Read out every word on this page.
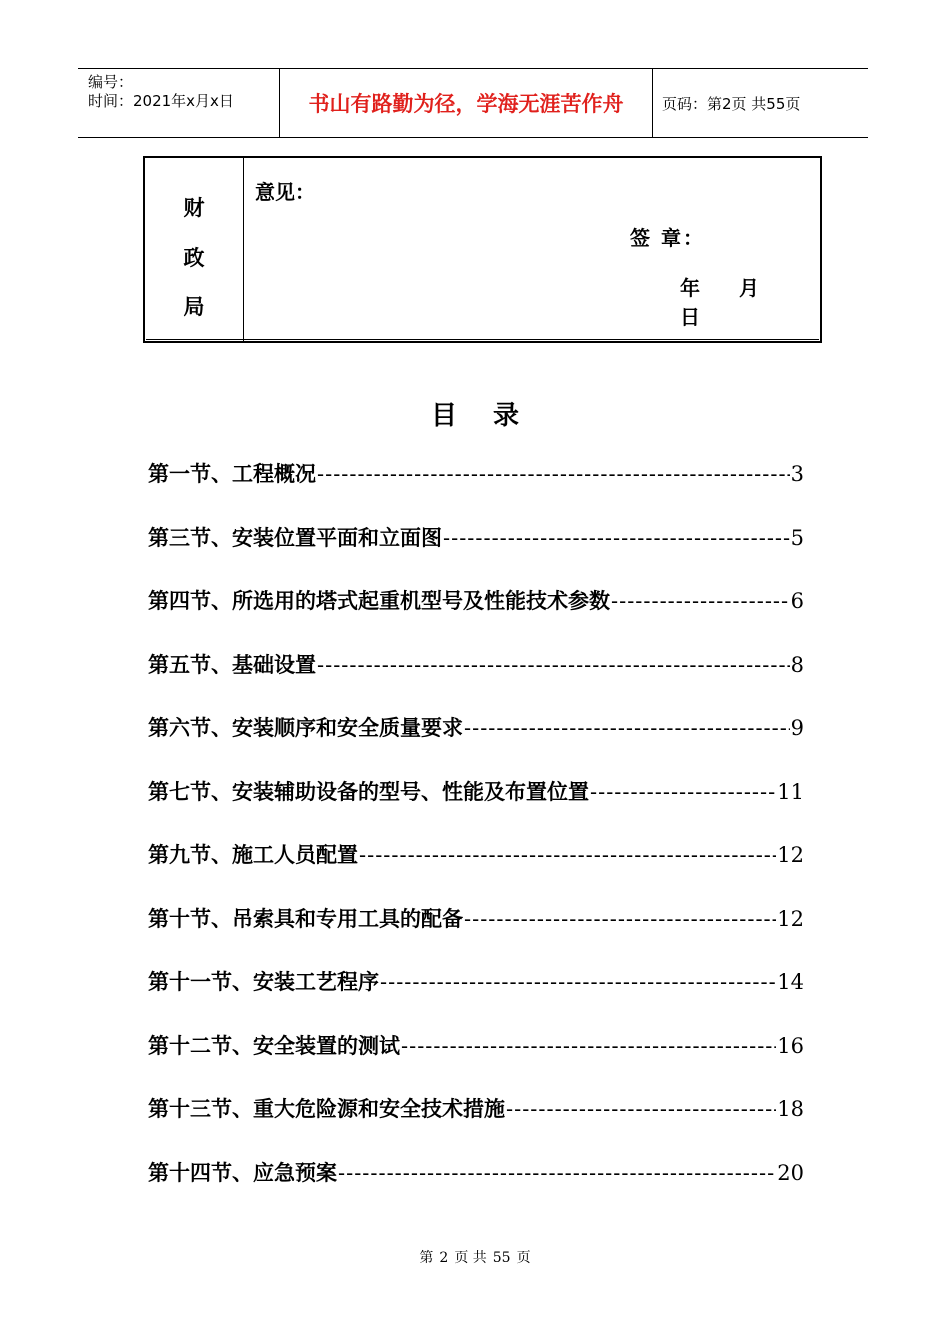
编号：
时间：2021年x月x日	书山有路勤为径，学海无涯苦作舟	页码：第2页 共55页
财
政
局
意见：
签 章：
年 月 日
目录
第一节、工程概况 -----	3
第三节、安装位置平面和立面图 -----	5
第四节、所选用的塔式起重机型号及性能技术参数 -----	6
第五节、基础设置 -----	8
第六节、安装顺序和安全质量要求 -----	9
第七节、安装辅助设备的型号、性能及布置位置 -----	11
第九节、施工人员配置 -----	12
第十节、吊索具和专用工具的配备 -----	12
第十一节、安装工艺程序 -----	14
第十二节、安全装置的测试 -----	16
第十三节、重大危险源和安全技术措施 -----	18
第十四节、应急预案 -----	20
第 2 页 共 55 页
